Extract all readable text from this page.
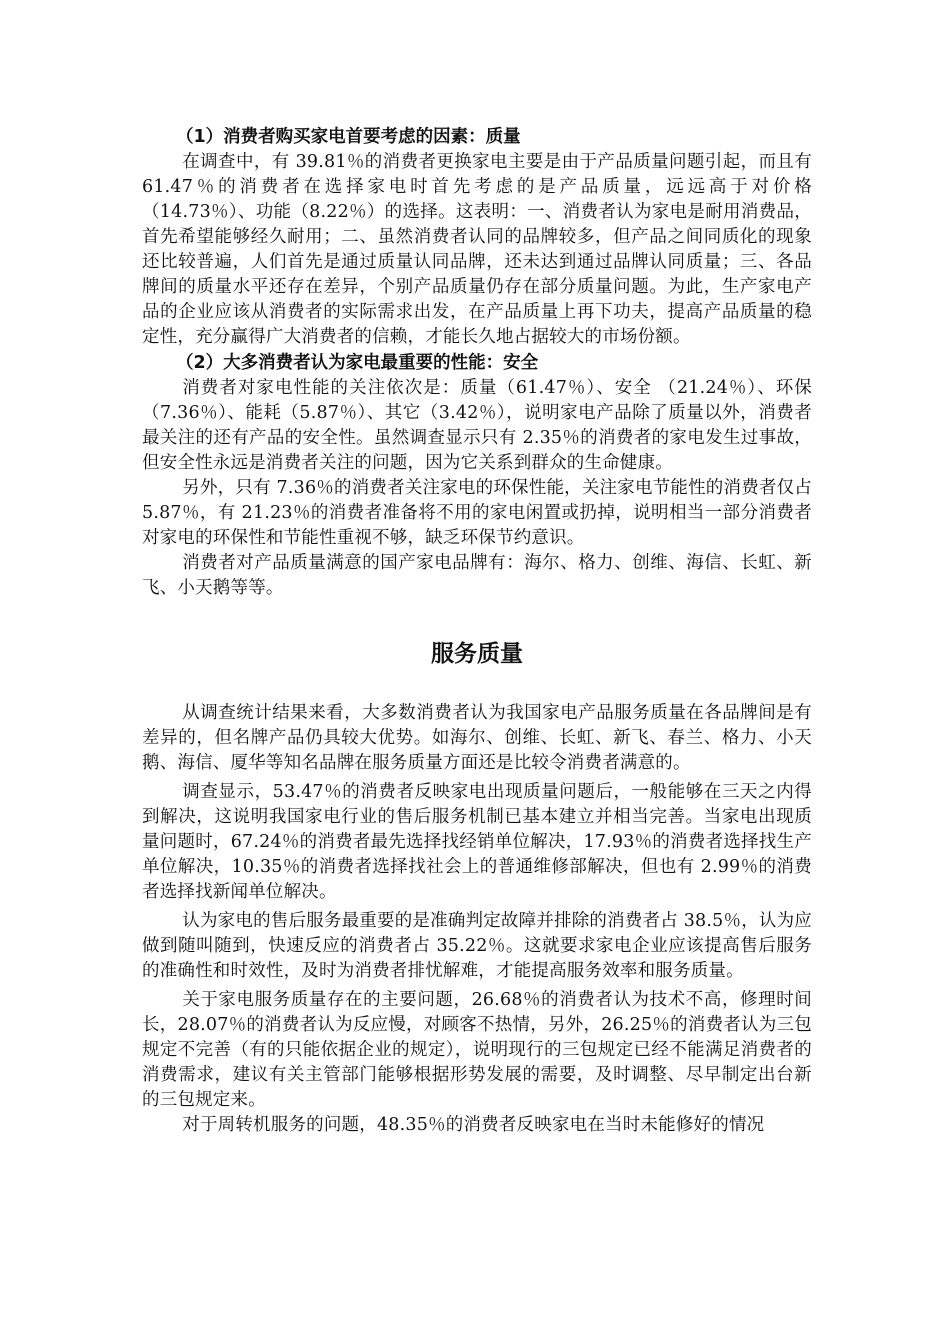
（1）消费者购买家电首要考虑的因素：质量

在调查中，有 39.81％的消费者更换家电主要是由于产品质量问题引起，而且有 61.47％的消费者在选择家电时首先考虑的是产品质量，远远高于对价格（14.73％）、功能（8.22％）的选择。这表明：一、消费者认为家电是耐用消费品，首先希望能够经久耐用；二、虽然消费者认同的品牌较多，但产品之间同质化的现象还比较普遍，人们首先是通过质量认同品牌，还未达到通过品牌认同质量；三、各品牌间的质量水平还存在差异，个别产品质量仍存在部分质量问题。为此，生产家电产品的企业应该从消费者的实际需求出发，在产品质量上再下功夫，提高产品质量的稳定性，充分赢得广大消费者的信赖，才能长久地占据较大的市场份额。

（2）大多消费者认为家电最重要的性能：安全

消费者对家电性能的关注依次是：质量（61.47％）、安全 （21.24％）、环保（7.36％）、能耗（5.87％）、其它（3.42％），说明家电产品除了质量以外，消费者最关注的还有产品的安全性。虽然调查显示只有 2.35％的消费者的家电发生过事故，但安全性永远是消费者关注的问题，因为它关系到群众的生命健康。

另外，只有 7.36％的消费者关注家电的环保性能，关注家电节能性的消费者仅占 5.87％，有 21.23％的消费者准备将不用的家电闲置或扔掉，说明相当一部分消费者对家电的环保性和节能性重视不够，缺乏环保节约意识。

消费者对产品质量满意的国产家电品牌有：海尔、格力、创维、海信、长虹、新飞、小天鹅等等。

服务质量

从调查统计结果来看，大多数消费者认为我国家电产品服务质量在各品牌间是有差异的，但名牌产品仍具较大优势。如海尔、创维、长虹、新飞、春兰、格力、小天鹅、海信、厦华等知名品牌在服务质量方面还是比较令消费者满意的。

调查显示，53.47％的消费者反映家电出现质量问题后，一般能够在三天之内得到解决，这说明我国家电行业的售后服务机制已基本建立并相当完善。当家电出现质量问题时，67.24％的消费者最先选择找经销单位解决，17.93％的消费者选择找生产单位解决，10.35％的消费者选择找社会上的普通维修部解决，但也有 2.99％的消费者选择找新闻单位解决。

认为家电的售后服务最重要的是准确判定故障并排除的消费者占 38.5％，认为应做到随叫随到，快速反应的消费者占 35.22％。这就要求家电企业应该提高售后服务的准确性和时效性，及时为消费者排忧解难，才能提高服务效率和服务质量。

关于家电服务质量存在的主要问题，26.68％的消费者认为技术不高，修理时间长，28.07％的消费者认为反应慢，对顾客不热情，另外，26.25％的消费者认为三包规定不完善（有的只能依据企业的规定），说明现行的三包规定已经不能满足消费者的消费需求，建议有关主管部门能够根据形势发展的需要，及时调整、尽早制定出台新的三包规定来。

对于周转机服务的问题，48.35％的消费者反映家电在当时未能修好的情况
